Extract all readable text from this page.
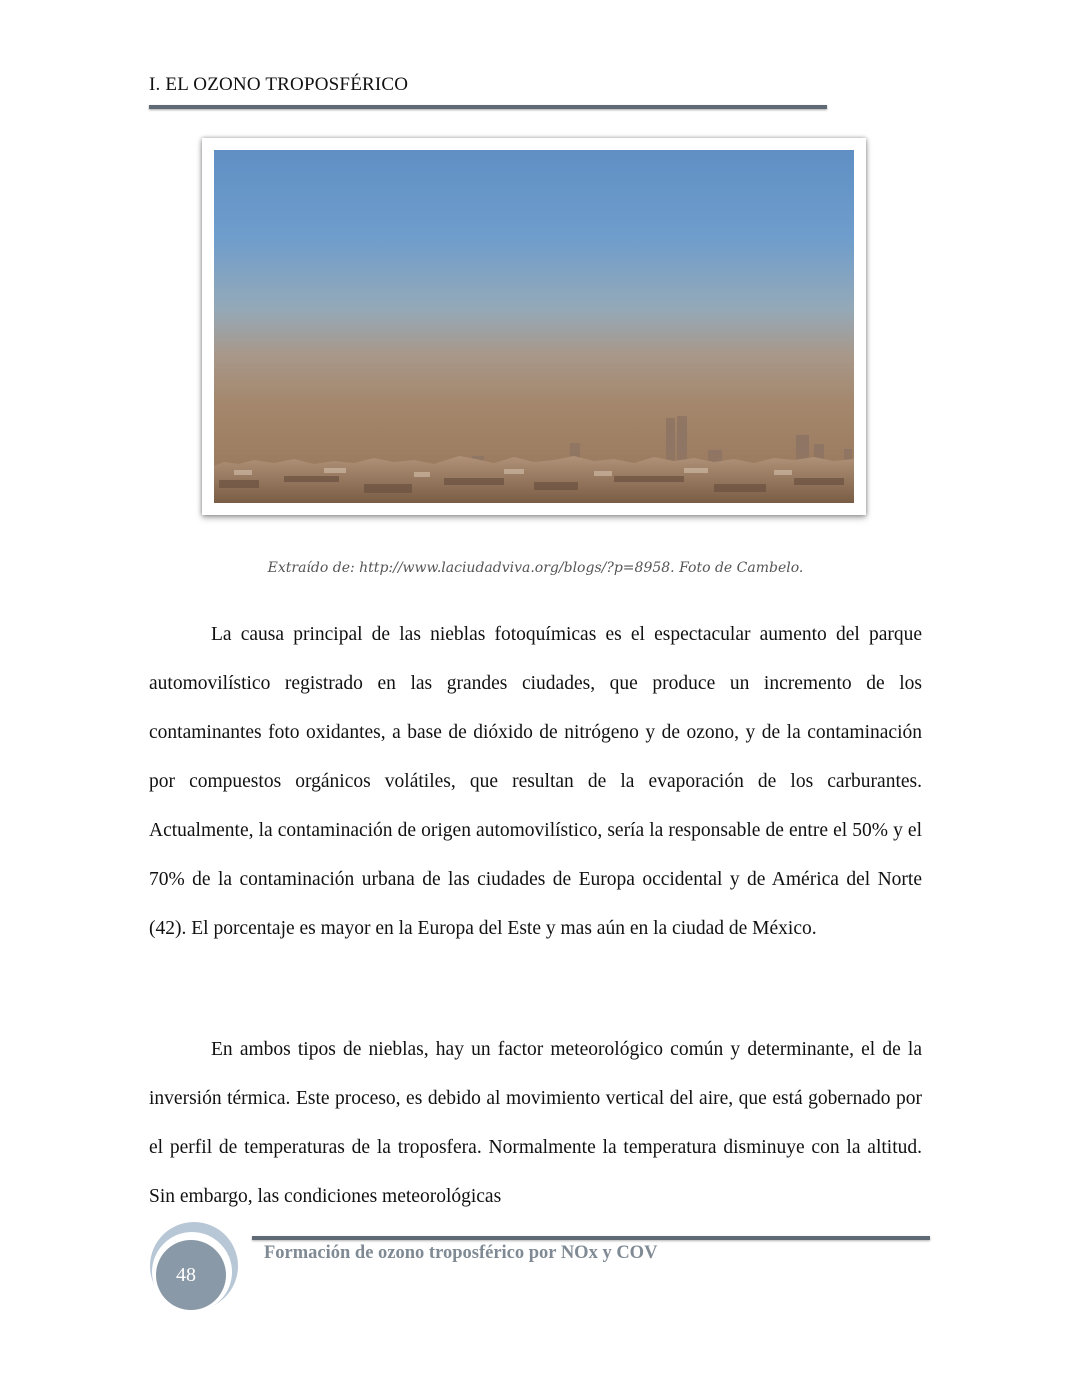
I. EL OZONO TROPOSFÉRICO
Extraído de: http://www.laciudadviva.org/blogs/?p=8958. Foto de Cambelo.

La causa principal de las nieblas fotoquímicas es el espectacular aumento del parque automovilístico registrado en las grandes ciudades, que produce un incremento de los contaminantes foto oxidantes, a base de dióxido de nitrógeno y de ozono, y de la contaminación por compuestos orgánicos volátiles, que resultan de la evaporación de los carburantes. Actualmente, la contaminación de origen automovilístico, sería la responsable de entre el 50% y el 70% de la contaminación urbana de las ciudades de Europa occidental y de América del Norte (42). El porcentaje es mayor en la Europa del Este y mas aún en la ciudad de México.

En ambos tipos de nieblas, hay un factor meteorológico común y determinante, el de la inversión térmica. Este proceso, es debido al movimiento vertical del aire, que está gobernado por el perfil de temperaturas de la troposfera. Normalmente la temperatura disminuye con la altitud. Sin embargo, las condiciones meteorológicas

48
Formación de ozono troposférico por NOx y COV
